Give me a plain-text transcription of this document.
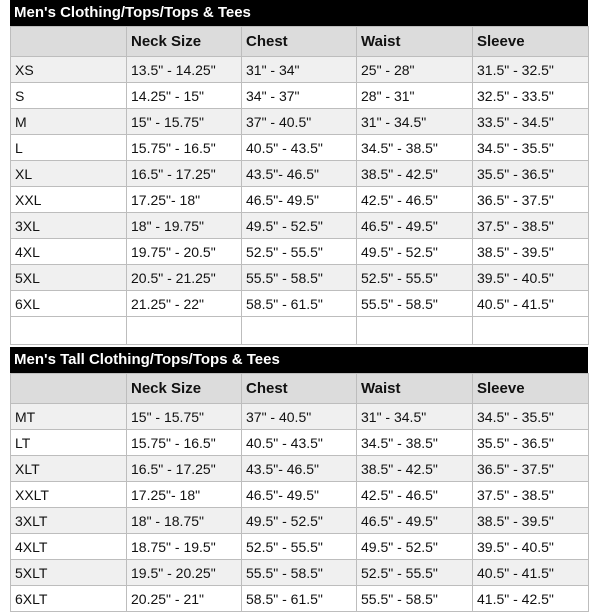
Men's Clothing/Tops/Tops & Tees
	Neck Size	Chest	Waist	Sleeve
XS	13.5" - 14.25"	31" - 34"	25" - 28"	31.5" - 32.5"
S	14.25" - 15"	34" - 37"	28" - 31"	32.5" - 33.5"
M	15" - 15.75"	37" - 40.5"	31" - 34.5"	33.5" - 34.5"
L	15.75" - 16.5"	40.5" - 43.5"	34.5" - 38.5"	34.5" - 35.5"
XL	16.5" - 17.25"	43.5"- 46.5"	38.5" - 42.5"	35.5" - 36.5"
XXL	17.25"- 18"	46.5"- 49.5"	42.5" - 46.5"	36.5" - 37.5"
3XL	18" - 19.75"	49.5" - 52.5"	46.5" - 49.5"	37.5" - 38.5"
4XL	19.75" - 20.5"	52.5" - 55.5"	49.5" - 52.5"	38.5" - 39.5"
5XL	20.5" - 21.25"	55.5" - 58.5"	52.5" - 55.5"	39.5" - 40.5"
6XL	21.25" - 22"	58.5" - 61.5"	55.5" - 58.5"	40.5" - 41.5"

Men's Tall Clothing/Tops/Tops & Tees
	Neck Size	Chest	Waist	Sleeve
MT	15" - 15.75"	37" - 40.5"	31" - 34.5"	34.5" - 35.5"
LT	15.75" - 16.5"	40.5" - 43.5"	34.5" - 38.5"	35.5" - 36.5"
XLT	16.5" - 17.25"	43.5"- 46.5"	38.5" - 42.5"	36.5" - 37.5"
XXLT	17.25"- 18"	46.5"- 49.5"	42.5" - 46.5"	37.5" - 38.5"
3XLT	18" - 18.75"	49.5" - 52.5"	46.5" - 49.5"	38.5" - 39.5"
4XLT	18.75" - 19.5"	52.5" - 55.5"	49.5" - 52.5"	39.5" - 40.5"
5XLT	19.5" - 20.25"	55.5" - 58.5"	52.5" - 55.5"	40.5" - 41.5"
6XLT	20.25" - 21"	58.5" - 61.5"	55.5" - 58.5"	41.5" - 42.5"
